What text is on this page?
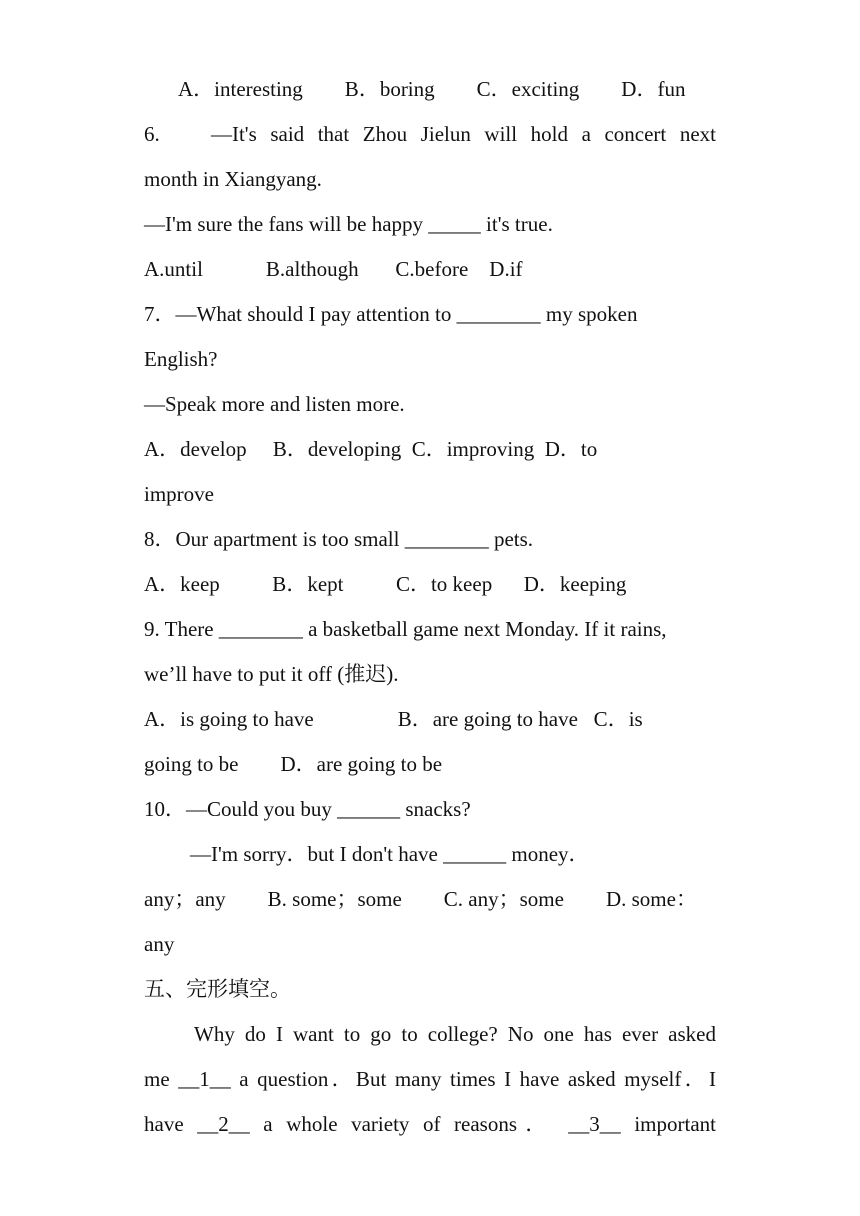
A．interesting　　B．boring　　C．exciting　　D．fun
6.　 —It's said that Zhou Jielun will hold a concert next
month in Xiangyang.
—I'm sure the fans will be happy _____ it's true.
A.until            B.although       C.before    D.if
7．—What should I pay attention to ________ my spoken
English?
—Speak more and listen more.
A．develop     B．developing  C．improving  D．to
improve
8．Our apartment is too small ________ pets.
A．keep          B．kept          C．to keep      D．keeping
9. There ________ a basketball game next Monday. If it rains,
we’ll have to put it off (推迟).
A．is going to have                B．are going to have   C．is
going to be        D．are going to be
10．—Could you buy ______ snacks?
—I'm sorry．but I don't have ______ money．
any；any        B. some；some        C. any；some        D. some：
any
五、完形填空。
Why do I want to go to college? No one has ever asked
me __1__ a question．But many times I have asked myself．I
have __2__ a whole variety of reasons． __3__ important
